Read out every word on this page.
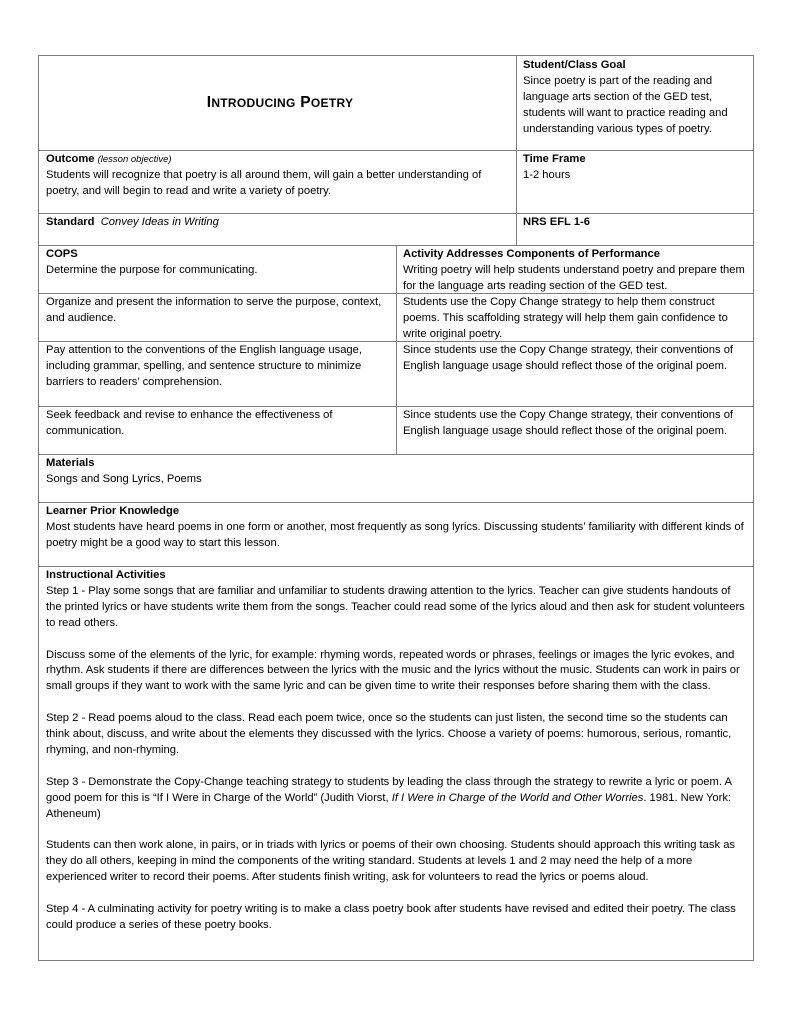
INTRODUCING POETRY
Student/Class Goal
Since poetry is part of the reading and language arts section of the GED test, students will want to practice reading and understanding various types of poetry.
Outcome (lesson objective)
Students will recognize that poetry is all around them, will gain a better understanding of poetry, and will begin to read and write a variety of poetry.
Time Frame
1-2 hours
Standard Convey Ideas in Writing	NRS EFL 1-6
COPS
Determine the purpose for communicating.
Activity Addresses Components of Performance
Writing poetry will help students understand poetry and prepare them for the language arts reading section of the GED test.
Organize and present the information to serve the purpose, context, and audience.
Students use the Copy Change strategy to help them construct poems. This scaffolding strategy will help them gain confidence to write original poetry.
Pay attention to the conventions of the English language usage, including grammar, spelling, and sentence structure to minimize barriers to readers’ comprehension.
Since students use the Copy Change strategy, their conventions of English language usage should reflect those of the original poem.
Seek feedback and revise to enhance the effectiveness of communication.
Since students use the Copy Change strategy, their conventions of English language usage should reflect those of the original poem.
Materials
Songs and Song Lyrics, Poems
Learner Prior Knowledge
Most students have heard poems in one form or another, most frequently as song lyrics. Discussing students’ familiarity with different kinds of poetry might be a good way to start this lesson.
Instructional Activities

Step 1 - Play some songs that are familiar and unfamiliar to students drawing attention to the lyrics. Teacher can give students handouts of the printed lyrics or have students write them from the songs. Teacher could read some of the lyrics aloud and then ask for student volunteers to read others.

Discuss some of the elements of the lyric, for example: rhyming words, repeated words or phrases, feelings or images the lyric evokes, and rhythm. Ask students if there are differences between the lyrics with the music and the lyrics without the music. Students can work in pairs or small groups if they want to work with the same lyric and can be given time to write their responses before sharing them with the class.

Step 2 - Read poems aloud to the class. Read each poem twice, once so the students can just listen, the second time so the students can think about, discuss, and write about the elements they discussed with the lyrics. Choose a variety of poems: humorous, serious, romantic, rhyming, and non-rhyming.

Step 3 - Demonstrate the Copy-Change teaching strategy to students by leading the class through the strategy to rewrite a lyric or poem. A good poem for this is “If I Were in Charge of the World” (Judith Viorst, If I Were in Charge of the World and Other Worries. 1981. New York: Atheneum)

Students can then work alone, in pairs, or in triads with lyrics or poems of their own choosing. Students should approach this writing task as they do all others, keeping in mind the components of the writing standard. Students at levels 1 and 2 may need the help of a more experienced writer to record their poems. After students finish writing, ask for volunteers to read the lyrics or poems aloud.

Step 4 - A culminating activity for poetry writing is to make a class poetry book after students have revised and edited their poetry. The class could produce a series of these poetry books.
